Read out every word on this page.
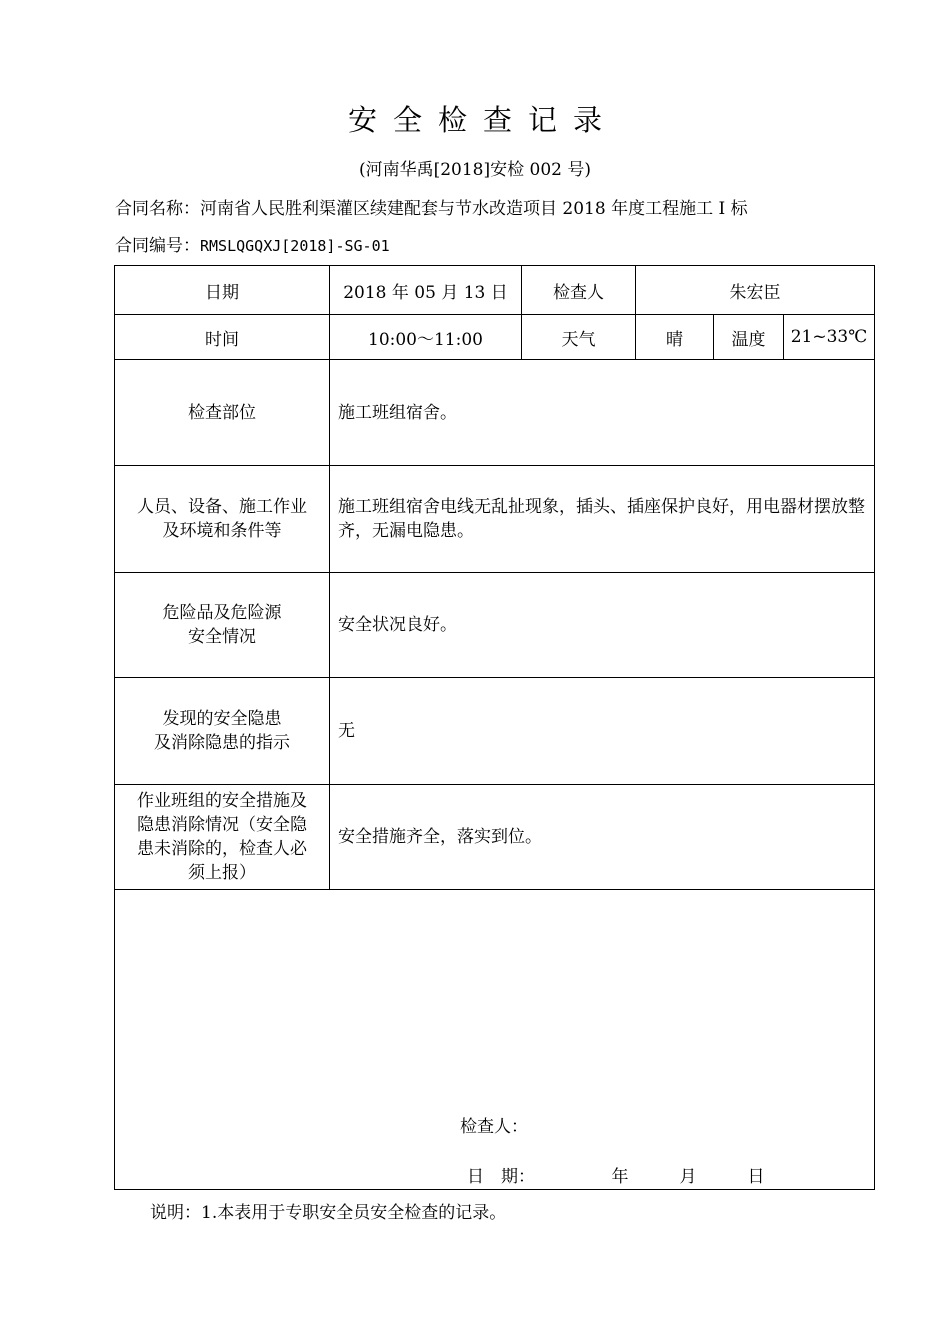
安全检查记录
(河南华禹[2018]安检 002 号)
合同名称：河南省人民胜利渠灌区续建配套与节水改造项目 2018 年度工程施工 I 标
合同编号：RMSLQGQXJ[2018]-SG-01
日期	2018 年 05 月 13 日	检查人	朱宏臣		
时间	10:00～11:00	天气	晴	温度	21~33℃

检查部位	施工班组宿舍。				

人员、设备、施工作业
及环境和条件等	施工班组宿舍电线无乱扯现象，插头、插座保护良好，用电器材摆放整齐，无漏电隐患。				

危险品及危险源
安全情况	安全状况良好。				

发现的安全隐患
及消除隐患的指示	无				

作业班组的安全措施及
隐患消除情况（安全隐
患未消除的，检查人必
须上报）	安全措施齐全，落实到位。				

检查人：
日　期：　　　　　年　　　月　　　日					
说明：1.本表用于专职安全员安全检查的记录。
